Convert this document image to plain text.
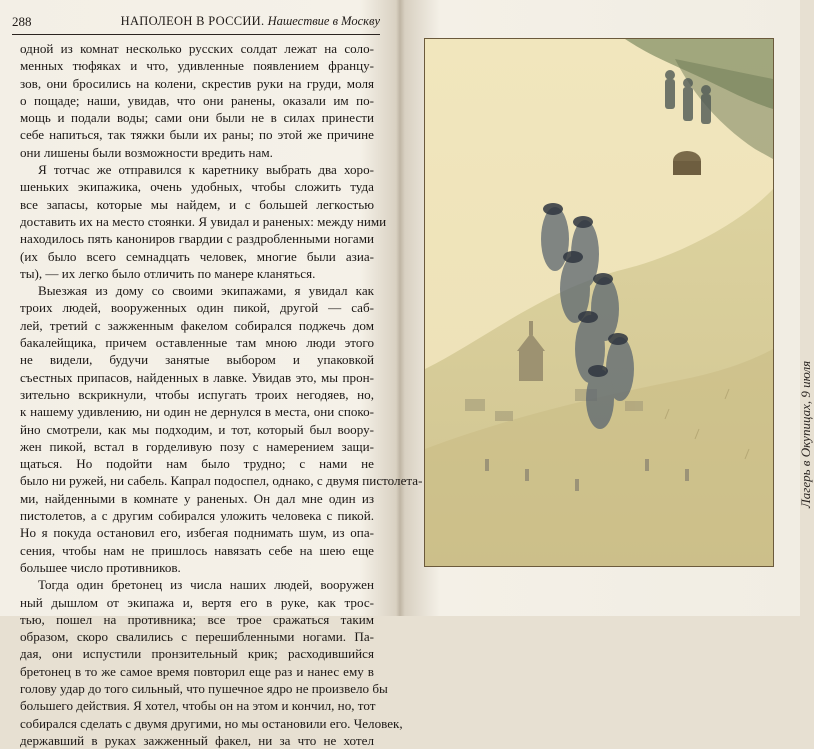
288	НАПОЛЕОН В РОССИИ. Нашествие в Москву
одной из комнат несколько русских солдат лежат на соло-
менных тюфяках и что, удивленные появлением францу-
зов, они бросились на колени, скрестив руки на груди, моля
о пощаде; наши, увидав, что они ранены, оказали им по-
мощь и подали воды; сами они были не в силах принести
себе напиться, так тяжки были их раны; по этой же причине
они лишены были возможности вредить нам.
Я тотчас же отправился к каретнику выбрать два хоро-
шеньких экипажика, очень удобных, чтобы сложить туда
все запасы, которые мы найдем, и с большей легкостью
доставить их на место стоянки. Я увидал и раненых: между ними
находилось пять канониров гвардии с раздробленными ногами
(их было всего семнадцать человек, многие были азиа-
ты), — их легко было отличить по манере кланяться.
Выезжая из дому со своими экипажами, я увидал как
троих людей, вооруженных один пикой, другой — саб-
лей, третий с зажженным факелом собирался поджечь дом
бакалейщика, причем оставленные там мною люди этого
не видели, будучи занятые выбором и упаковкой
съестных припасов, найденных в лавке. Увидав это, мы прон-
зительно вскрикнули, чтобы испугать троих негодяев, но,
к нашему удивлению, ни один не дернулся в места, они споко-
йно смотрели, как мы подходим, и тот, который был воору-
жен пикой, встал в горделивую позу с намерением защи-
щаться. Но подойти нам было трудно; с нами не
было ни ружей, ни сабель. Капрал подоспел, однако, с двумя пистолета-
ми, найденными в комнате у раненых. Он дал мне один из
пистолетов, а с другим собирался уложить человека с пикой.
Но я покуда остановил его, избегая поднимать шум, из опа-
сения, чтобы нам не пришлось навязать себе на шею еще
большее число противников.
Тогда один бретонец из числа наших людей, вооружен
ный дышлом от экипажа и, вертя его в руке, как трос-
тью, пошел на противника; все трое сражаться таким
образом, скоро свалились с перешибленными ногами. Па-
дая, они испустили пронзительный крик; расходившийся
бретонец в то же самое время повторил еще раз и нанес ему в
голову удар до того сильный, что пушечное ядро не произвело бы
большего действия. Я хотел, чтобы он на этом и кончил, но, тот
собирался сделать с двумя другими, но мы остановили его. Человек,
державший в руках зажженный факел, ни за что не хотел
Лагерь в Окупицах, 9 июля
